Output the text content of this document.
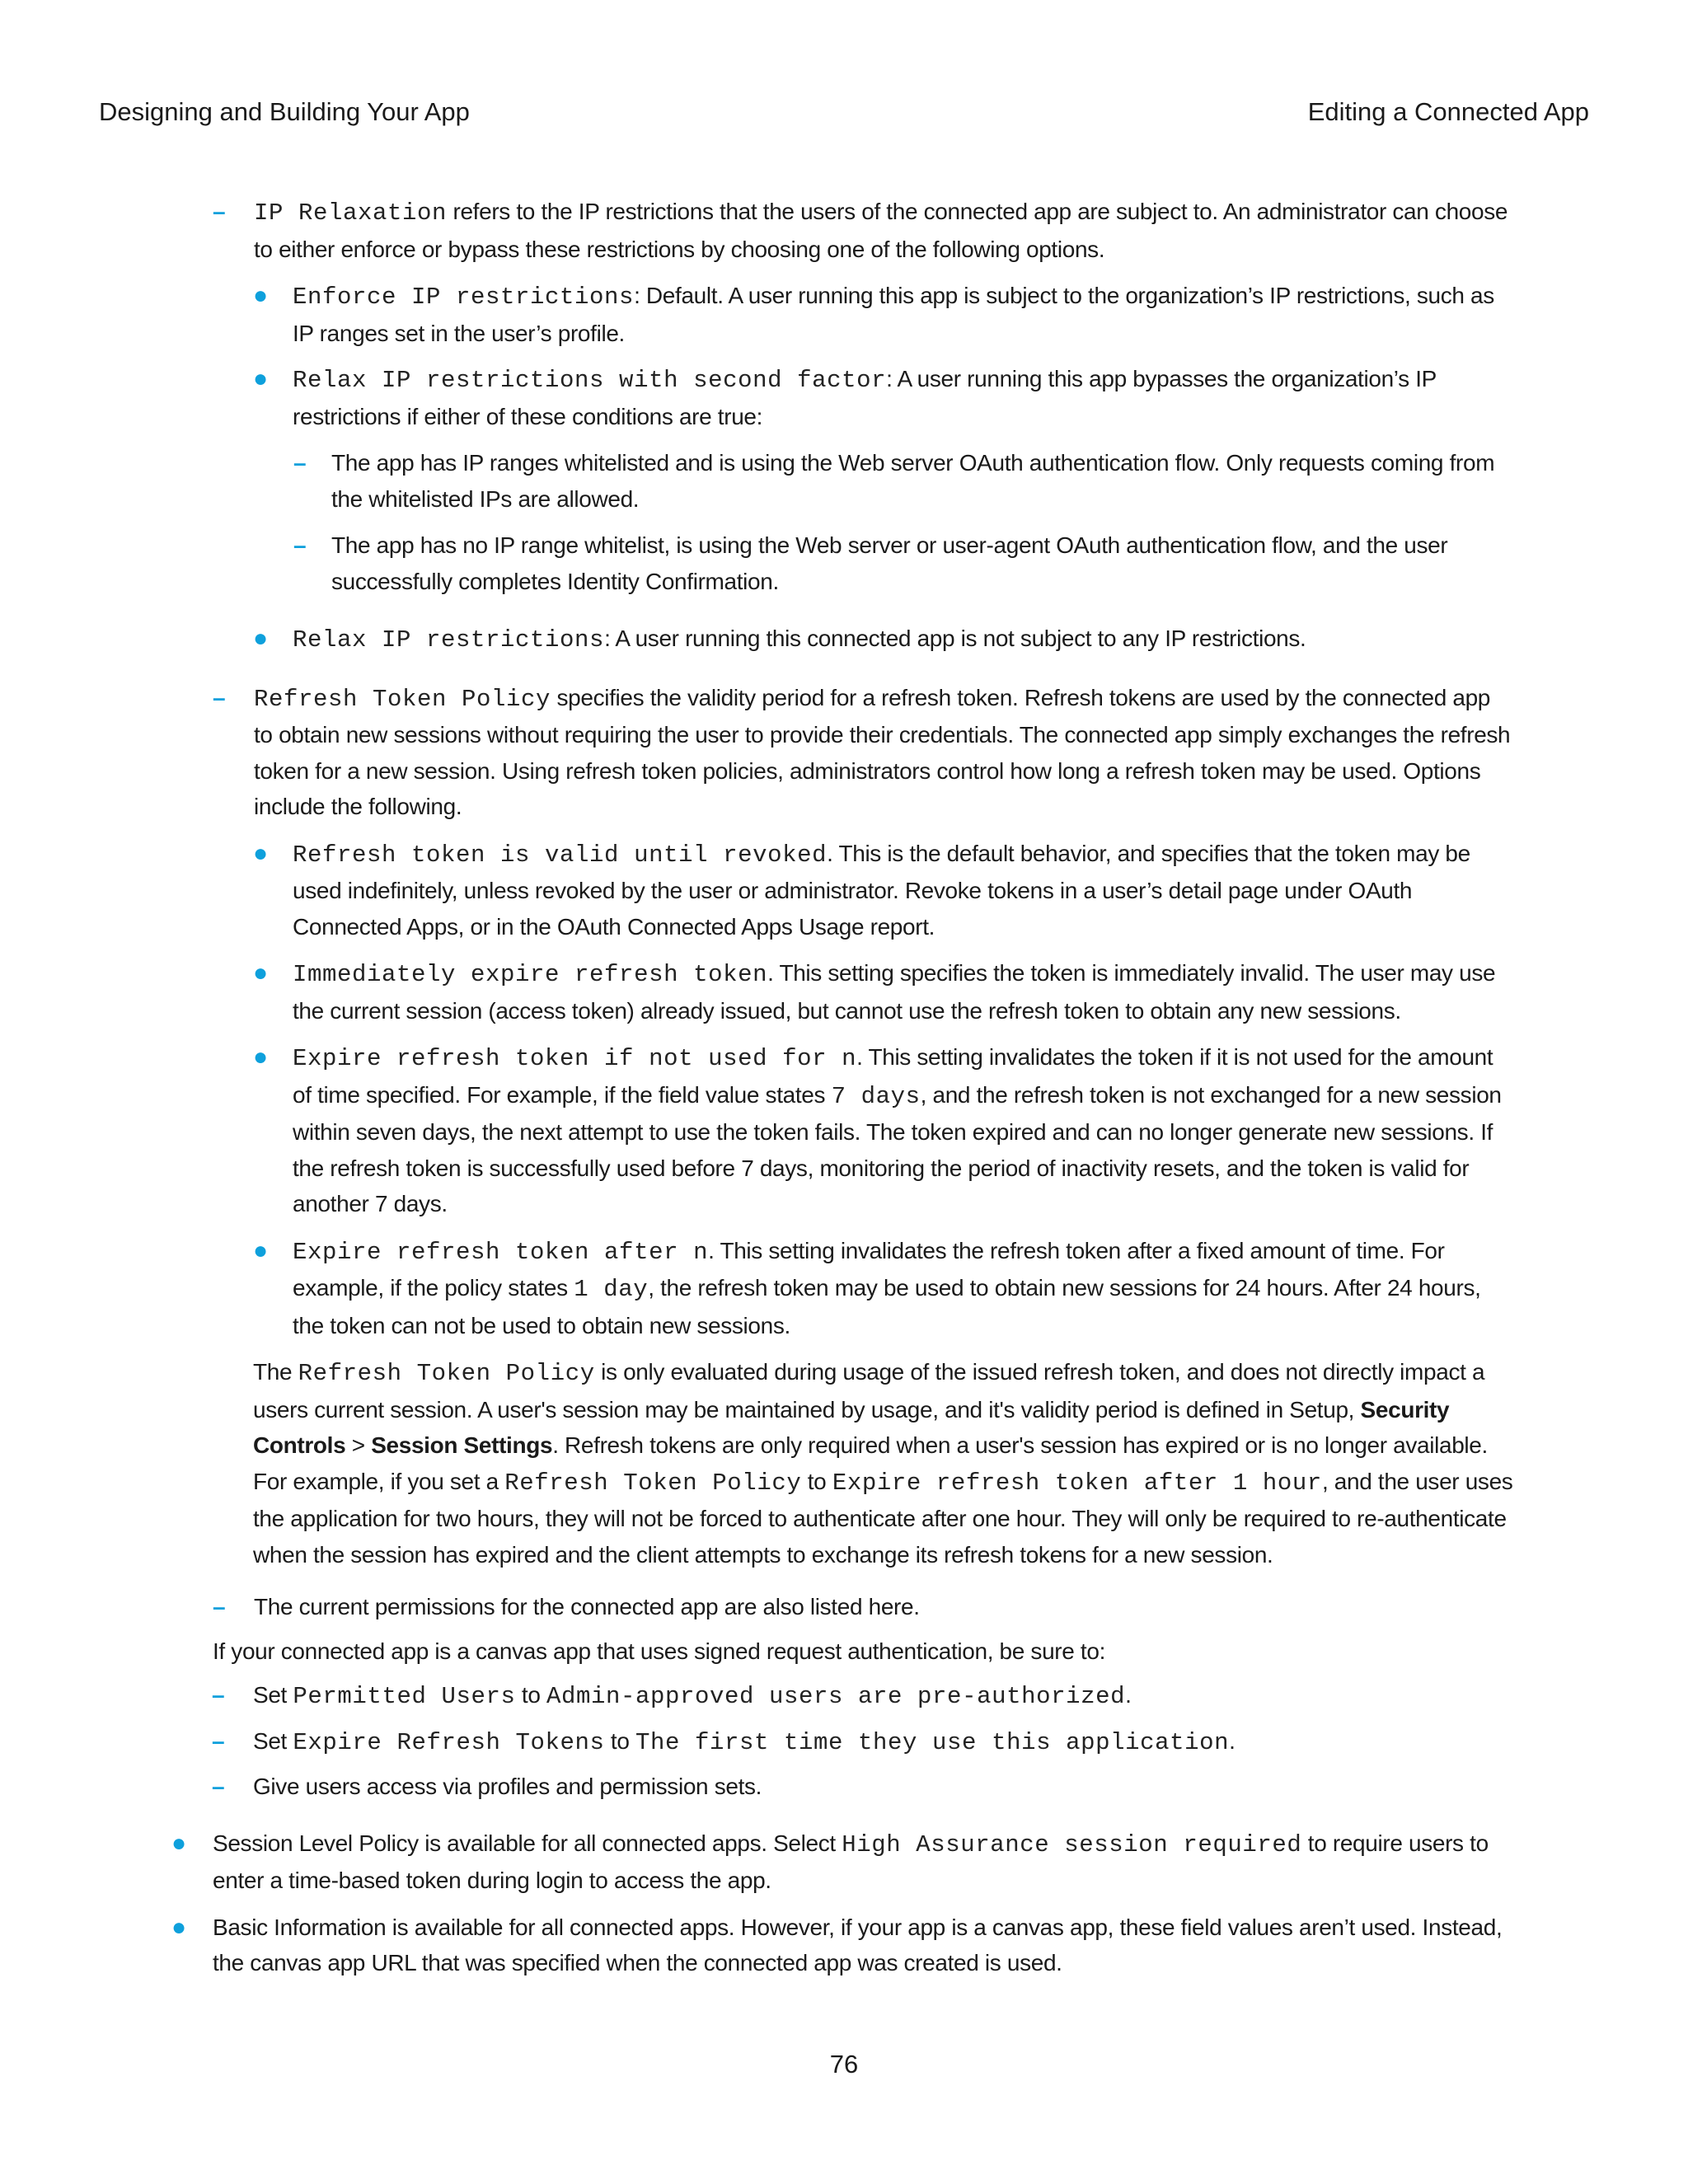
Designing and Building Your App	Editing a Connected App
– IP Relaxation refers to the IP restrictions that the users of the connected app are subject to. An administrator can choose to either enforce or bypass these restrictions by choosing one of the following options.
● Enforce IP restrictions: Default. A user running this app is subject to the organization’s IP restrictions, such as IP ranges set in the user’s profile.
● Relax IP restrictions with second factor: A user running this app bypasses the organization’s IP restrictions if either of these conditions are true:
– The app has IP ranges whitelisted and is using the Web server OAuth authentication flow. Only requests coming from the whitelisted IPs are allowed.
– The app has no IP range whitelist, is using the Web server or user-agent OAuth authentication flow, and the user successfully completes Identity Confirmation.
● Relax IP restrictions: A user running this connected app is not subject to any IP restrictions.
– Refresh Token Policy specifies the validity period for a refresh token. Refresh tokens are used by the connected app to obtain new sessions without requiring the user to provide their credentials. The connected app simply exchanges the refresh token for a new session. Using refresh token policies, administrators control how long a refresh token may be used. Options include the following.
● Refresh token is valid until revoked. This is the default behavior, and specifies that the token may be used indefinitely, unless revoked by the user or administrator. Revoke tokens in a user’s detail page under OAuth Connected Apps, or in the OAuth Connected Apps Usage report.
● Immediately expire refresh token. This setting specifies the token is immediately invalid. The user may use the current session (access token) already issued, but cannot use the refresh token to obtain any new sessions.
● Expire refresh token if not used for n. This setting invalidates the token if it is not used for the amount of time specified. For example, if the field value states 7 days, and the refresh token is not exchanged for a new session within seven days, the next attempt to use the token fails. The token expired and can no longer generate new sessions. If the refresh token is successfully used before 7 days, monitoring the period of inactivity resets, and the token is valid for another 7 days.
● Expire refresh token after n. This setting invalidates the refresh token after a fixed amount of time. For example, if the policy states 1 day, the refresh token may be used to obtain new sessions for 24 hours. After 24 hours, the token can not be used to obtain new sessions.
The Refresh Token Policy is only evaluated during usage of the issued refresh token, and does not directly impact a users current session. A user's session may be maintained by usage, and it's validity period is defined in Setup, Security Controls > Session Settings. Refresh tokens are only required when a user's session has expired or is no longer available. For example, if you set a Refresh Token Policy to Expire refresh token after 1 hour, and the user uses the application for two hours, they will not be forced to authenticate after one hour. They will only be required to re-authenticate when the session has expired and the client attempts to exchange its refresh tokens for a new session.
– The current permissions for the connected app are also listed here.
If your connected app is a canvas app that uses signed request authentication, be sure to:
– Set Permitted Users to Admin-approved users are pre-authorized.
– Set Expire Refresh Tokens to The first time they use this application.
– Give users access via profiles and permission sets.
● Session Level Policy is available for all connected apps. Select High Assurance session required to require users to enter a time-based token during login to access the app.
● Basic Information is available for all connected apps. However, if your app is a canvas app, these field values aren’t used. Instead, the canvas app URL that was specified when the connected app was created is used.
76
